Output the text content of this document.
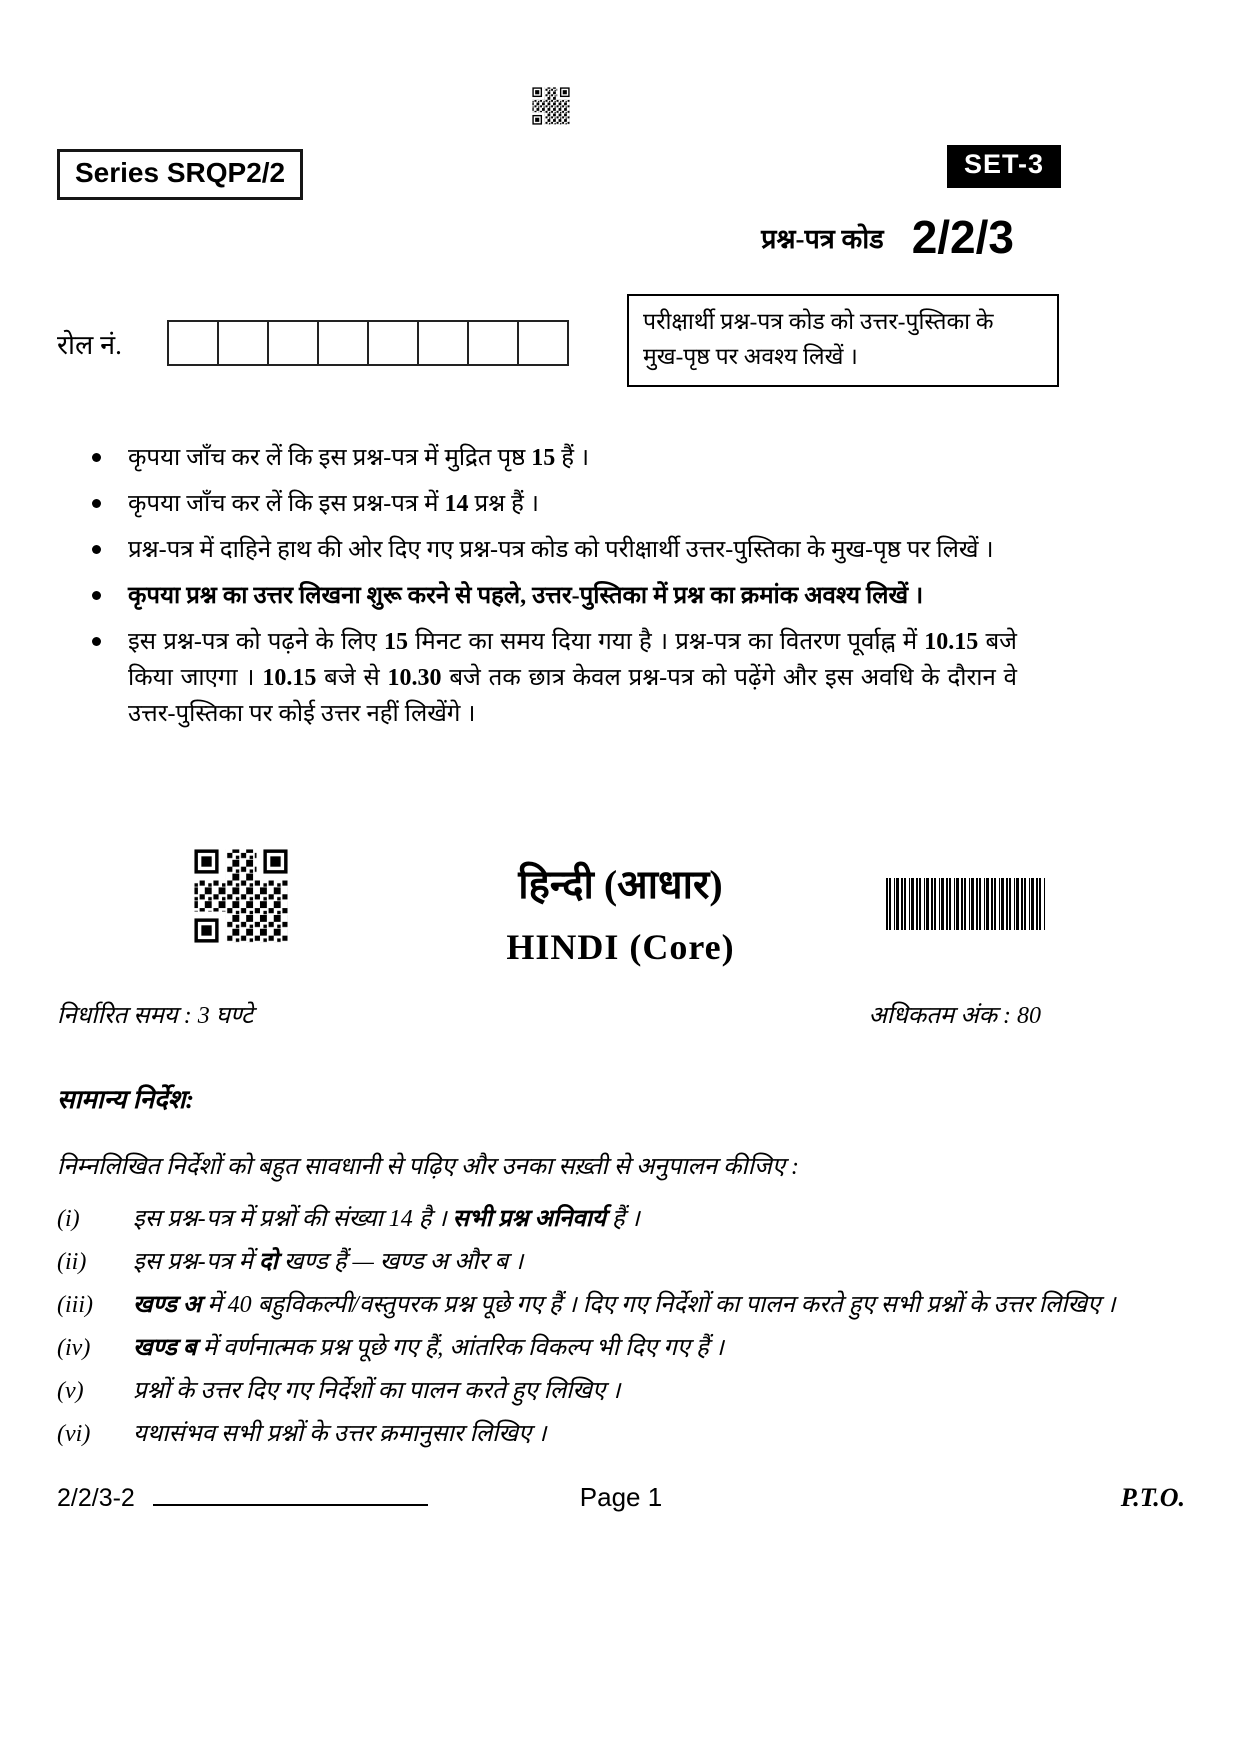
Series SRQP2/2	SET-3
प्रश्न-पत्र कोड 2/2/3
रोल नं.
परीक्षार्थी प्रश्न-पत्र कोड को उत्तर-पुस्तिका के
मुख-पृष्ठ पर अवश्य लिखें ।
कृपया जाँच कर लें कि इस प्रश्न-पत्र में मुद्रित पृष्ठ 15 हैं ।
कृपया जाँच कर लें कि इस प्रश्न-पत्र में 14 प्रश्न हैं ।
प्रश्न-पत्र में दाहिने हाथ की ओर दिए गए प्रश्न-पत्र कोड को परीक्षार्थी उत्तर-पुस्तिका के मुख-पृष्ठ पर लिखें ।
कृपया प्रश्न का उत्तर लिखना शुरू करने से पहले, उत्तर-पुस्तिका में प्रश्न का क्रमांक अवश्य लिखें ।
इस प्रश्न-पत्र को पढ़ने के लिए 15 मिनट का समय दिया गया है । प्रश्न-पत्र का वितरण पूर्वाह्न में 10.15 बजे किया जाएगा । 10.15 बजे से 10.30 बजे तक छात्र केवल प्रश्न-पत्र को पढ़ेंगे और इस अवधि के दौरान वे उत्तर-पुस्तिका पर कोई उत्तर नहीं लिखेंगे ।
हिन्दी (आधार)
HINDI (Core)
निर्धारित समय : 3 घण्टे	अधिकतम अंक : 80
सामान्य निर्देश:
निम्नलिखित निर्देशों को बहुत सावधानी से पढ़िए और उनका सख़्ती से अनुपालन कीजिए :
(i)	इस प्रश्न-पत्र में प्रश्नों की संख्या 14 है । सभी प्रश्न अनिवार्य हैं ।
(ii)	इस प्रश्न-पत्र में दो खण्ड हैं — खण्ड अ और ब ।
(iii)	खण्ड अ में 40 बहुविकल्पी/वस्तुपरक प्रश्न पूछे गए हैं । दिए गए निर्देशों का पालन करते हुए सभी प्रश्नों के उत्तर लिखिए ।
(iv)	खण्ड ब में वर्णनात्मक प्रश्न पूछे गए हैं, आंतरिक विकल्प भी दिए गए हैं ।
(v)	प्रश्नों के उत्तर दिए गए निर्देशों का पालन करते हुए लिखिए ।
(vi)	यथासंभव सभी प्रश्नों के उत्तर क्रमानुसार लिखिए ।
2/2/3-2	Page 1	P.T.O.
